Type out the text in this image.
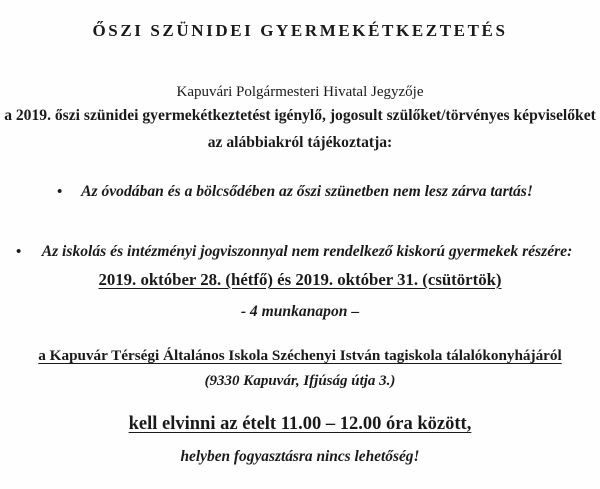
ŐSZI SZÜNIDEI GYERMEKÉTKEZTETÉS
Kapuvári Polgármesteri Hivatal Jegyzője
a 2019. őszi szünidei gyermekétkeztetést igénylő, jogosult szülőket/törvényes képviselőket
az alábbiakról tájékoztatja:
•	Az óvodában és a bölcsődében az őszi szünetben nem lesz zárva tartás!
•	Az iskolás és intézményi jogviszonnyal nem rendelkező kiskorú gyermekek részére:
2019. október 28. (hétfő) és 2019. október 31. (csütörtök)
- 4 munkanapon –
a Kapuvár Térségi Általános Iskola Széchenyi István tagiskola tálalókonyhájáról
(9330 Kapuvár, Ifjúság útja 3.)
kell elvinni az ételt 11.00 – 12.00 óra között,
helyben fogyasztásra nincs lehetőség!
